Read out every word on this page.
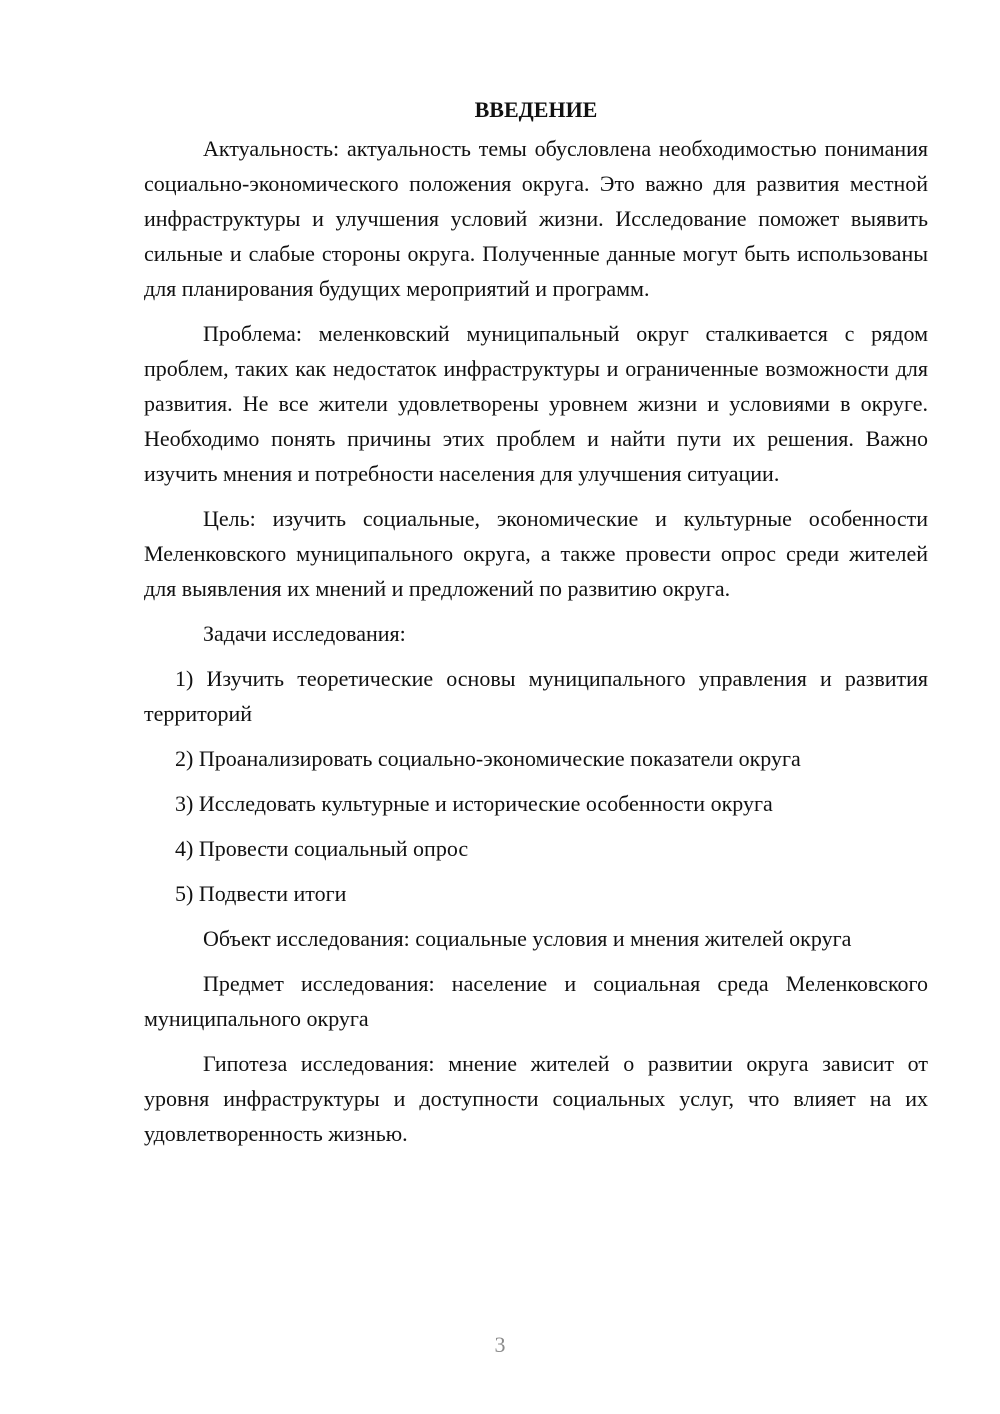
ВВЕДЕНИЕ

Актуальность: актуальность темы обусловлена необходимостью понимания социально-экономического положения округа. Это важно для развития местной инфраструктуры и улучшения условий жизни. Исследование поможет выявить сильные и слабые стороны округа. Полученные данные могут быть использованы для планирования будущих мероприятий и программ.

Проблема: меленковский муниципальный округ сталкивается с рядом проблем, таких как недостаток инфраструктуры и ограниченные возможности для развития. Не все жители удовлетворены уровнем жизни и условиями в округе. Необходимо понять причины этих проблем и найти пути их решения. Важно изучить мнения и потребности населения для улучшения ситуации.

Цель: изучить социальные, экономические и культурные особенности Меленковского муниципального округа, а также провести опрос среди жителей для выявления их мнений и предложений по развитию округа.

Задачи исследования:

1) Изучить теоретические основы муниципального управления и развития территорий

2) Проанализировать социально-экономические показатели округа

3) Исследовать культурные и исторические особенности округа

4) Провести социальный опрос

5) Подвести итоги

Объект исследования: социальные условия и мнения жителей округа

Предмет исследования: население и социальная среда Меленковского муниципального округа

Гипотеза исследования: мнение жителей о развитии округа зависит от уровня инфраструктуры и доступности социальных услуг, что влияет на их удовлетворенность жизнью.

3
